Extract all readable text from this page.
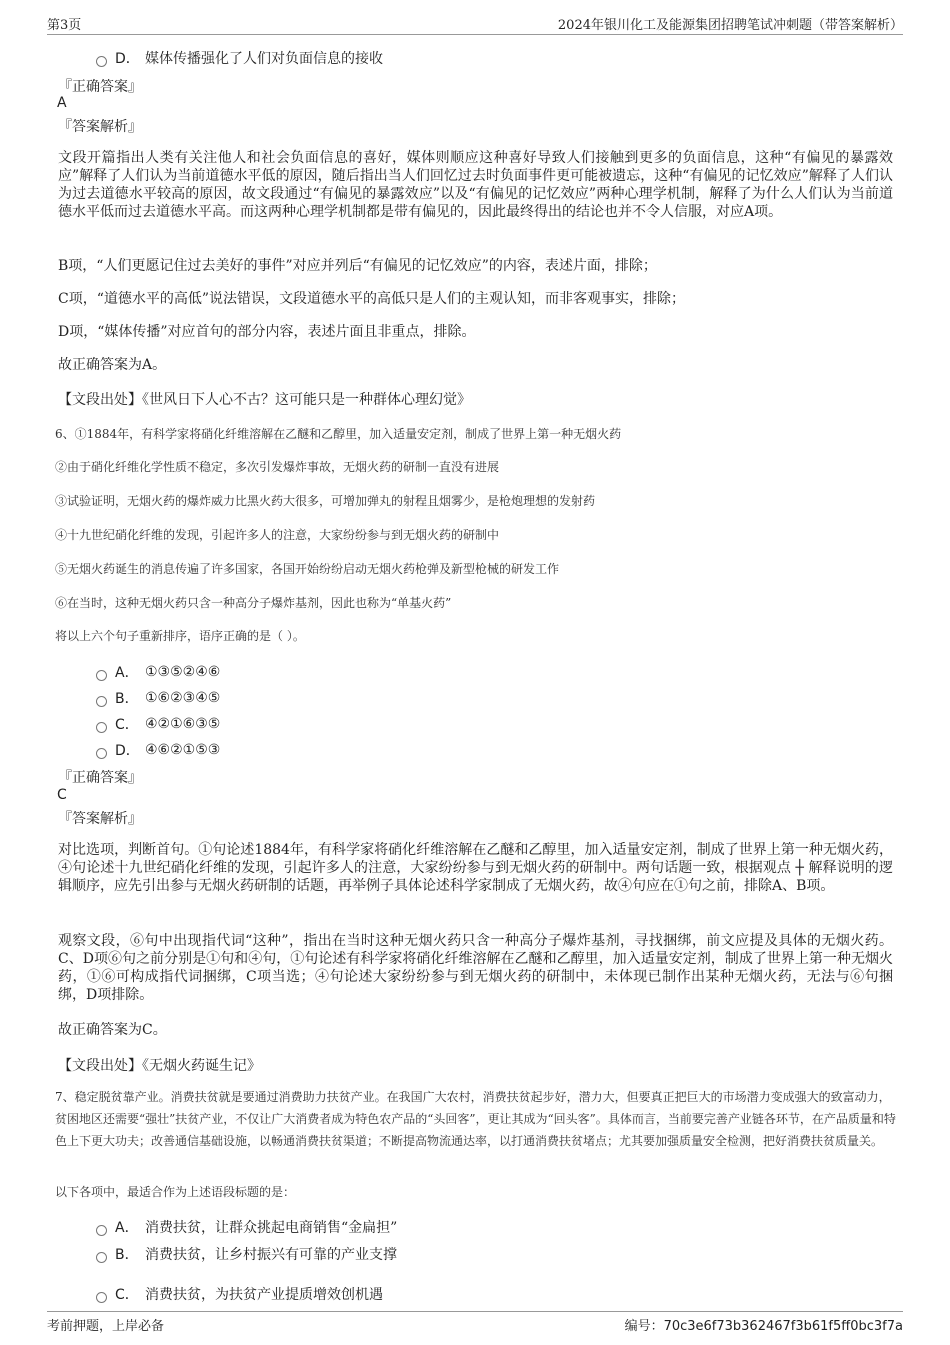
第3页	2024年银川化工及能源集团招聘笔试冲刺题（带答案解析）
D． 媒体传播强化了人们对负面信息的接收
『正确答案』
A
『答案解析』
文段开篇指出人类有关注他人和社会负面信息的喜好，媒体则顺应这种喜好导致人们接触到更多的负面信息，这种“有偏见的暴露效应”解释了人们认为当前道德水平低的原因，随后指出当人们回忆过去时负面事件更可能被遗忘，这种“有偏见的记忆效应”解释了人们认为过去道德水平较高的原因，故文段通过“有偏见的暴露效应”以及“有偏见的记忆效应”两种心理学机制，解释了为什么人们认为当前道德水平低而过去道德水平高。而这两种心理学机制都是带有偏见的，因此最终得出的结论也并不令人信服，对应A项。
B项，“人们更愿记住过去美好的事件”对应并列后“有偏见的记忆效应”的内容，表述片面，排除；
C项，“道德水平的高低”说法错误，文段道德水平的高低只是人们的主观认知，而非客观事实，排除；
D项，“媒体传播”对应首句的部分内容，表述片面且非重点，排除。
故正确答案为A。
【文段出处】《世风日下人心不古？这可能只是一种群体心理幻觉》
6、①1884年，有科学家将硝化纤维溶解在乙醚和乙醇里，加入适量安定剂，制成了世界上第一种无烟火药
②由于硝化纤维化学性质不稳定，多次引发爆炸事故，无烟火药的研制一直没有进展
③试验证明，无烟火药的爆炸威力比黑火药大很多，可增加弹丸的射程且烟雾少，是枪炮理想的发射药
④十九世纪硝化纤维的发现，引起许多人的注意，大家纷纷参与到无烟火药的研制中
⑤无烟火药诞生的消息传遍了许多国家，各国开始纷纷启动无烟火药枪弹及新型枪械的研发工作
⑥在当时，这种无烟火药只含一种高分子爆炸基剂，因此也称为“单基火药”
将以上六个句子重新排序，语序正确的是（ ）。
A． ①③⑤②④⑥
B． ①⑥②③④⑤
C． ④②①⑥③⑤
D． ④⑥②①⑤③
『正确答案』
C
『答案解析』
对比选项，判断首句。①句论述1884年，有科学家将硝化纤维溶解在乙醚和乙醇里，加入适量安定剂，制成了世界上第一种无烟火药，④句论述十九世纪硝化纤维的发现，引起许多人的注意，大家纷纷参与到无烟火药的研制中。两句话题一致，根据观点 ┼ 解释说明的逻辑顺序，应先引出参与无烟火药研制的话题，再举例子具体论述科学家制成了无烟火药，故④句应在①句之前，排除A、B项。
观察文段，⑥句中出现指代词“这种”，指出在当时这种无烟火药只含一种高分子爆炸基剂，寻找捆绑，前文应提及具体的无烟火药。C、D项⑥句之前分别是①句和④句，①句论述有科学家将硝化纤维溶解在乙醚和乙醇里，加入适量安定剂，制成了世界上第一种无烟火药，①⑥可构成指代词捆绑，C项当选；④句论述大家纷纷参与到无烟火药的研制中，未体现已制作出某种无烟火药，无法与⑥句捆绑，D项排除。
故正确答案为C。
【文段出处】《无烟火药诞生记》
7、稳定脱贫靠产业。消费扶贫就是要通过消费助力扶贫产业。在我国广大农村，消费扶贫起步好，潜力大，但要真正把巨大的市场潜力变成强大的致富动力，贫困地区还需要“强壮”扶贫产业，不仅让广大消费者成为特色农产品的“头回客”，更让其成为“回头客”。具体而言，当前要完善产业链各环节，在产品质量和特色上下更大功夫；改善通信基础设施，以畅通消费扶贫渠道；不断提高物流通达率，以打通消费扶贫堵点；尤其要加强质量安全检测，把好消费扶贫质量关。
以下各项中，最适合作为上述语段标题的是：
A． 消费扶贫，让群众挑起电商销售“金扁担”
B． 消费扶贫，让乡村振兴有可靠的产业支撑
C． 消费扶贫，为扶贫产业提质增效创机遇
考前押题，上岸必备	编号：70c3e6f73b362467f3b61f5ff0bc3f7a
